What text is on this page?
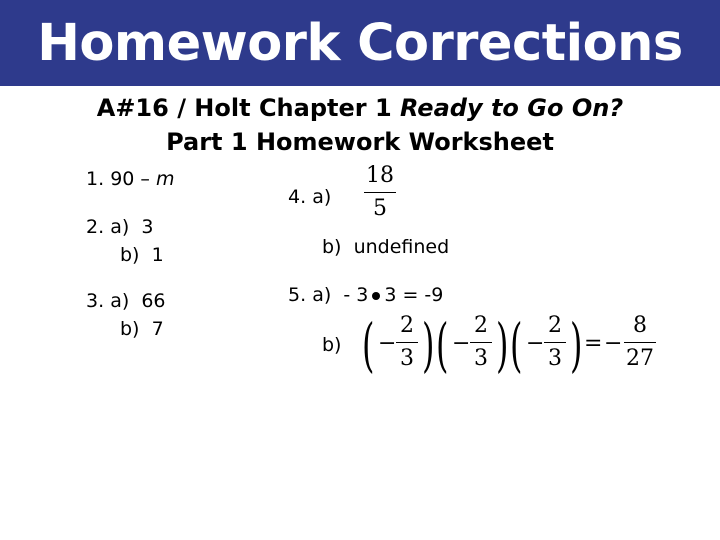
Homework Corrections
A#16 / Holt Chapter 1 Ready to Go On?
Part 1 Homework Worksheet
1. 90 – m
2. a) 3
b) 1
3. a) 66
b) 7
4. a)
18
5
b) undefined
5. a) - 3 3 = -9
b) ( −
2
3 ) ( −
2
3 ) ( −
2
3 ) = −
8
27
